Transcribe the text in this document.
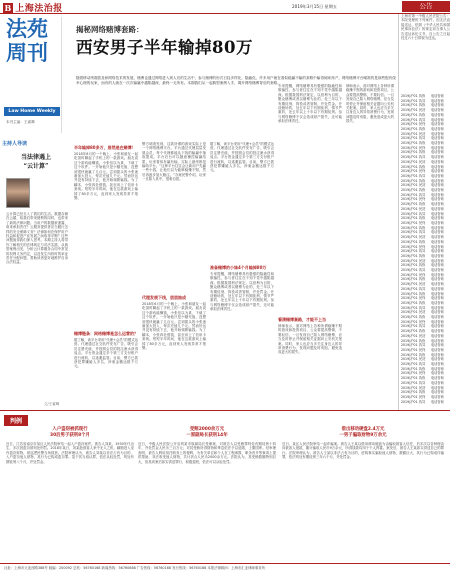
B 上海法治报	2019年3月15日 星期五	公告
法苑
周刊
Law Home Weekly
本刊主编：王睿卿
揭秘网络赌博套路：
西安男子半年输掉80万
随着移动终端普及和网络技术的发展，赌博也通过网络进入到人们的生活中，参与赌博的形式日趋多样化、隐蔽化。许多用户就在看似稳赢不输的套路中输得倾家荡产。网络赌博平台瞄准的是那些抱有侥幸心理的玩家，而有的人就在一次次输赢中越陷越深，最终一无所有。本期我们从一起典型案例入手，揭开网络赌博背后的套路。
主持人导读
当法律遇上
“云计算”
云计算已经走入了我们的生活。数据存储在云端，给我们带来便利的同时，也带来了新的法律问题。当用户的数据被泄露，谁来承担责任？云服务提供者应当履行怎样的安全保障义务？法律如何在保护用户权益和促进产业发展之间取得平衡？这些问题值得我们深入思考。本期主持人将带你了解相关的法律规定与司法实践，从典型案例出发，分析云计算服务合同中常见的权利义务约定，以及发生纠纷时的举证责任分配问题，帮助读者更好地维护自身合法权益。
文/王睿卿
半年输掉80多万，居然是在赌博！
2018年6月的一个晚上，小张和朋友一起吃饭时聊起了手机上的一款游戏。朋友说这个游戏能赚钱，小张信以为真，下载了这个软件。一开始他只是小额充值，没想到很快就赢了几百元。尝到甜头的小张逐渐加大投入，每次充值几千元。然而好运并没有持续下去，他开始频繁输钱。为了翻本，小张四处借钱，甚至用上了信用卡套现。短短半年时间，他在这款游戏上输掉了80多万元，直到家人发现异常才报警。
赌博链条：网络赌博是怎么运营的？
据了解，该平台采用“代理+会员”的模式运营。代理通过社交软件发布广告，吸引会员注册充值，并按照会员的投注流水获得返点。平台资金通过多个第三方支付账户进行流转，以逃避监管。目前，警方已抓获犯罪嫌疑人多名，涉案金额达数千万元。
警方调查发现，这款所谓的游戏实际上是一个网络赌博平台。平台通过代理层层发展会员，每个代理都能从下线的输赢中抽取提成。平台后台可以随意操控输赢结果，玩家看似有赢有输，实际上最终都是输给平台。“这种平台往往会让新用户先赢一些小钱，让他们以为能够稳赚不赔，然后再逐步加大赌注。”办案民警介绍，玩家一旦陷入其中，很难自拔。
代理发展下线，层层抽成
2018年6月的一个晚上，小张和朋友一起吃饭时聊起了手机上的一款游戏。朋友说这个游戏能赚钱，小张信以为真，下载了这个软件。一开始他只是小额充值，没想到很快就赢了几百元。尝到甜头的小张逐渐加大投入，每次充值几千元。然而好运并没有持续下去，他开始频繁输钱。为了翻本，小张四处借钱，甚至用上了信用卡套现。短短半年时间，他在这款游戏上输掉了80多万元，直到家人发现异常才报警。
据了解，该平台采用“代理+会员”的模式运营。代理通过社交软件发布广告，吸引会员注册充值，并按照会员的投注流水获得返点。平台资金通过多个第三方支付账户进行流转，以逃避监管。目前，警方已抓获犯罪嫌疑人多名，涉案金额达数千万元。
准备赌博的小妹4个月输掉80万
专家提醒，网络赌博具有极强的隐蔽性和欺骗性，参与者往往在不知不觉中越陷越深。根据我国刑法规定，以营利为目的，聚众赌博或者以赌博为业的，处三年以下有期徒刑、拘役或者管制，并处罚金。开设赌场的，处五年以下有期徒刑，情节严重的，处五年以上十年以下有期徒刑。参与网络赌博不仅会造成财产损失，还可能承担法律责任。
专家提醒，网络赌博具有极强的隐蔽性和欺骗性，参与者往往在不知不觉中越陷越深。根据我国刑法规定，以营利为目的，聚众赌博或者以赌博为业的，处三年以下有期徒刑、拘役或者管制，并处罚金。开设赌场的，处五年以下有期徒刑，情节严重的，处五年以上十年以下有期徒刑。参与网络赌博不仅会造成财产损失，还可能承担法律责任。
看清赌博套路，才能不上当
律师表示，面对网络上各种所谓稳赚不赔的游戏和投资项目，公众要提高警惕，不要轻信。一旦发现自己陷入网络赌博，应当及时停止并保留相关证据向公安机关报案。同时，家人也应当多关注身边人的异常消费行为，发现问题及时劝阻，避免造成更大的损失。
律师表示，面对网络上各种所谓稳赚不赔的游戏和投资项目，公众要提高警惕，不要轻信。一旦发现自己陷入网络赌博，应当及时停止并保留相关证据向公安机关报案。同时，家人也应当多关注身边人的异常消费行为，发现问题及时劝阻，避免造成更大的损失。
上海市第一中级人民法院公告：本院受理的下列案件，因无法直接送达，依照《中华人民共和国民事诉讼法》的规定向当事人公告送达诉讼文书，自公告之日起经过六十日即视为送达。
2019)沪01 执恢	电话咨询
2019)沪01 执异	电话咨询
2019)沪01 执恢	电话咨询
2019)沪01 民初	电话咨询
2019)沪01 执恢	电话咨询
2019)沪01 执异	电话咨询
2019)沪01 民终	电话咨询
2019)沪01 执恢	电话咨询
2019)沪01 民初	电话咨询
2019)沪01 执异	电话咨询
2019)沪01 执恢	电话咨询
2019)沪01 民终	电话咨询
2019)沪01 执恢	电话咨询
2019)沪01 执异	电话咨询
2019)沪01 民初	电话咨询
2019)沪01 执恢	电话咨询
2019)沪01 民终	电话咨询
2019)沪01 执异	电话咨询
2019)沪01 执恢	电话咨询
2019)沪01 民初	电话咨询
2019)沪01 执恢	电话咨询
2019)沪01 执异	电话咨询
2019)沪01 民终	电话咨询
2019)沪01 执恢	电话咨询
2019)沪01 民初	电话咨询
2019)沪01 执异	电话咨询
2019)沪01 执恢	电话咨询
2019)沪01 民终	电话咨询
2019)沪01 执恢	电话咨询
2019)沪01 执异	电话咨询
2019)沪01 民初	电话咨询
2019)沪01 执恢	电话咨询
2019)沪01 民终	电话咨询
2019)沪01 执异	电话咨询
2019)沪01 执恢	电话咨询
2019)沪01 民初	电话咨询
2019)沪01 执恢	电话咨询
2019)沪01 执异	电话咨询
2019)沪01 民终	电话咨询
2019)沪01 执恢	电话咨询
2019)沪01 民初	电话咨询
2019)沪01 执异	电话咨询
2019)沪01 执恢	电话咨询
2019)沪01 民终	电话咨询
2019)沪01 执恢	电话咨询
2019)沪01 执异	电话咨询
2019)沪01 民初	电话咨询
2019)沪01 执恢	电话咨询
2019)沪01 民终	电话咨询
2019)沪01 执异	电话咨询
2019)沪01 执恢	电话咨询
2019)沪01 民初	电话咨询
2019)沪01 执恢	电话咨询
2019)沪01 执异	电话咨询
2019)沪01 民终	电话咨询
2019)沪01 执恢	电话咨询
2019)沪01 民初	电话咨询
2019)沪01 执异	电话咨询
2019)沪01 执恢	电话咨询
2019)沪01 民终	电话咨询
2019)沪01 执恢	电话咨询
2019)沪01 执异	电话咨询
2019)沪01 民初	电话咨询
2019)沪01 执恢	电话咨询
2019)沪01 民终	电话咨询
2019)沪01 执异	电话咨询
判例
入户盗窃被抓现行
30后男子获刑8个月
近日，江苏省南京市某区人民法院审结一起入户盗窃案件。被告人刘某，1930年代出生，多次因盗窃被判处刑罚。2018年某日，刘某趁被害人家中无人之机，翻窗进入室内盗窃财物，被巡逻民警当场抓获。法院审理认为，被告人刘某以非法占有为目的，入户盗窃他人财物，其行为已构成盗窃罪。鉴于其当庭认罪，依法从轻处罚，判处有期徒刑八个月，并处罚金。
受贿2000余万元
一原副局长获刑14年
近日，中级人民法院公开宣判某市原副局长受贿案，对被告人以受贿罪判处有期徒刑十四年，并处罚金人民币三百万元；对其受贿所得财物和孳息依法予以追缴，上缴国库。经审理查明，被告人利用担任职务上的便利，为有关单位和个人在工程承揽、职务晋升等事项上提供帮助，非法收受他人财物，共计折合人民币2000余万元。法院认为，其受贿数额特别巨大，但其到案后如实供述罪行，积极退赃，依法可以从轻处罚。
借出移动硬盘2.4万元
一男子骗取财物9万余元
近日，某区人民法院审结一起诈骗案。被告人王某以借用移动硬盘为由骗取被害人信任，后多次以各种理由向被害人借款，累计骗取人民币9万余元，所得钱款均用于个人挥霍。案发后，被告人王某如实供述自己的罪行。法院审理认为，被告人王某以非法占有为目的，虚构事实骗取他人财物，数额巨大，其行为已构成诈骗罪，依法判处有期徒刑三年六个月，并处罚金。
社址：上海市大连西路388号 邮编：200092 总机：56760168 新闻热线：56760688 广告热线：56760168 发行热线：56760168 本报法律顾问：上海市汇业律师事务所
